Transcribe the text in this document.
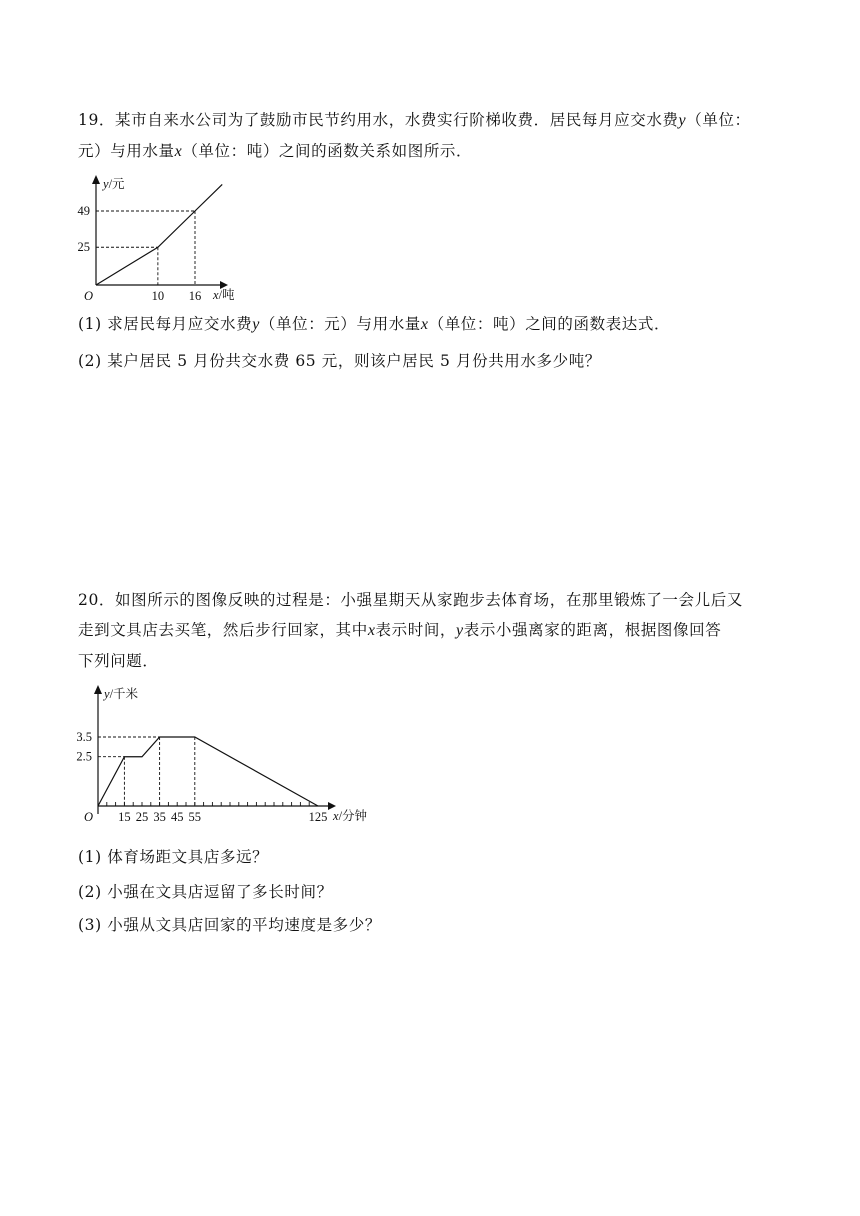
19．某市自来水公司为了鼓励市民节约用水，水费实行阶梯收费．居民每月应交水费y（单位：

元）与用水量x（单位：吨）之间的函数关系如图所示．

y/元
x/吨
O
49
25
10 16
(1) 求居民每月应交水费y（单位：元）与用水量x（单位：吨）之间的函数表达式．
(2) 某户居民 5 月份共交水费 65 元，则该户居民 5 月份共用水多少吨？

20．如图所示的图像反映的过程是：小强星期天从家跑步去体育场，在那里锻炼了一会儿后又

走到文具店去买笔，然后步行回家，其中x表示时间，y表示小强离家的距离，根据图像回答

下列问题．

y/千米
x/分钟
O
3.5
2.5
15 25 35 45 55	125
(1) 体育场距文具店多远？
(2) 小强在文具店逗留了多长时间？
(3) 小强从文具店回家的平均速度是多少？
